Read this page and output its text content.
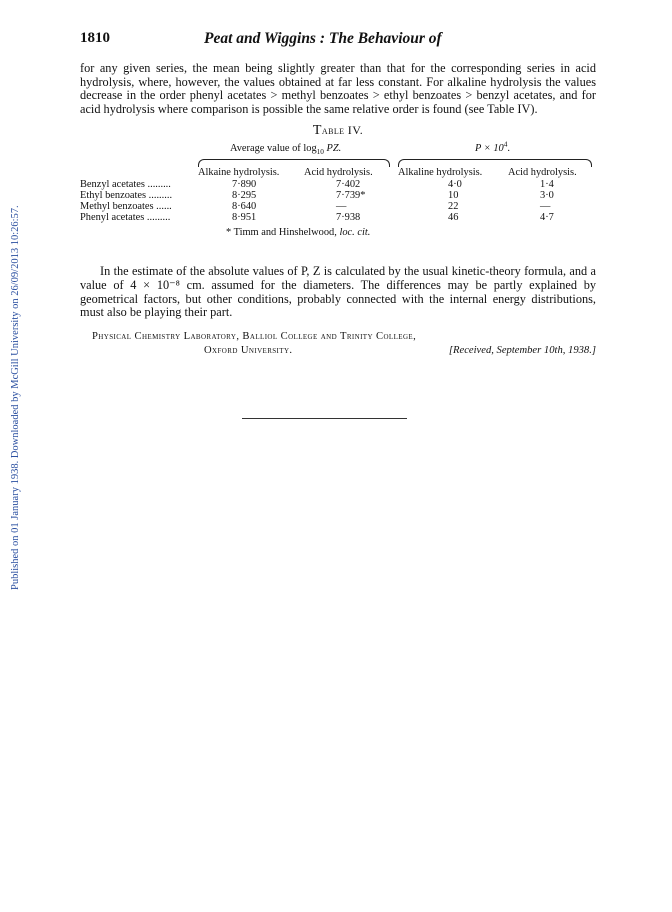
Published on 01 January 1938. Downloaded by McGill University on 26/09/2013 10:26:57.
1810	Peat and Wiggins : The Behaviour of

for any given series, the mean being slightly greater than that for the corresponding series in acid hydrolysis, where, however, the values obtained at far less constant. For alkaline hydrolysis the values decrease in the order phenyl acetates > methyl benzoates > ethyl benzoates > benzyl acetates, and for acid hydrolysis where comparison is possible the same relative order is found (see Table IV).

Table IV.
Average value of $\log_{10}$ PZ.	$P \times 10^4$.
Alkaine hydrolysis. Acid hydrolysis. Alkaline hydrolysis. Acid hydrolysis.
Benzyl acetates .........	7·890	7·402	4·0	1·4
Ethyl benzoates .........	8·295	7·739*	10	3·0
Methyl benzoates ......	8·640	—	22	—
Phenyl acetates .........	8·951	7·938	46	4·7
* Timm and Hinshelwood, loc. cit.

In the estimate of the absolute values of P, Z is calculated by the usual kinetic-theory formula, and a value of 4 × 10⁻⁸ cm. assumed for the diameters. The differences may be partly explained by geometrical factors, but other conditions, probably connected with the internal energy distributions, must also be playing their part.

Physical Chemistry Laboratory, Balliol College and Trinity College,
Oxford University.	[Received, September 10th, 1938.]
